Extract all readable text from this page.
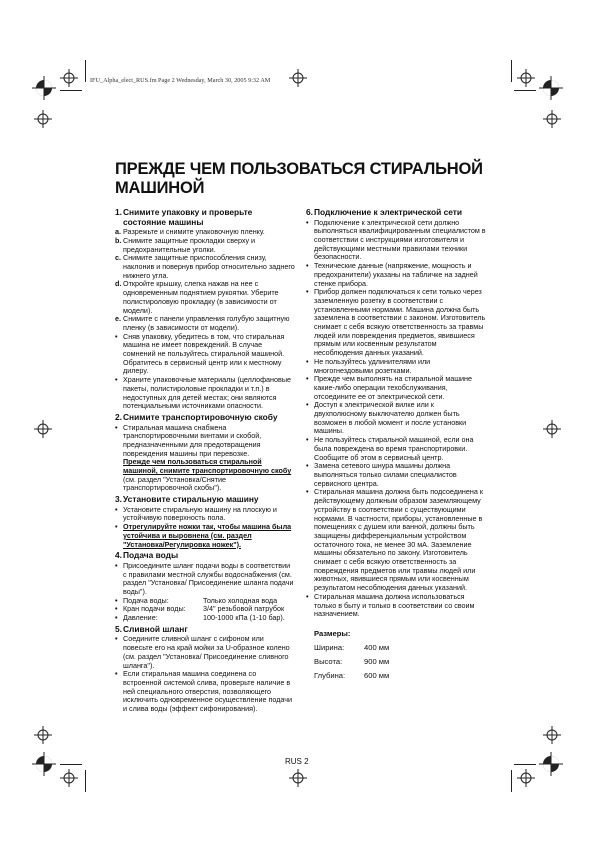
IFU_Alpha_elect_RUS.fm Page 2 Wednesday, March 30, 2005 9:32 AM
ПРЕЖДЕ ЧЕМ ПОЛЬЗОВАТЬСЯ СТИРАЛЬНОЙ МАШИНОЙ
1. Снимите упаковку и проверьте состояние машины
a. Разрежьте и снимите упаковочную пленку.
b. Снимите защитные прокладки сверху и предохранительные уголки.
c. Снимите защитные приспособления снизу, наклонив и повернув прибор относительно заднего нижнего угла.
d. Откройте крышку, слегка нажав на нее с одновременным поднятием рукоятки. Уберите полистироловую прокладку (в зависимости от модели).
e. Снимите с панели управления голубую защитную пленку (в зависимости от модели).
• Сняв упаковку, убедитесь в том, что стиральная машина не имеет повреждений. В случае сомнений не пользуйтесь стиральной машиной. Обратитесь в сервисный центр или к местному дилеру.
• Храните упаковочные материалы (целлофановые пакеты, полистироловые прокладки и т.п.) в недоступных для детей местах; они являются потенциальными источниками опасности.
2. Снимите транспортировочную скобу
• Стиральная машина снабжена транспортировочными винтами и скобой, предназначенными для предотвращения повреждения машины при перевозке.
Прежде чем пользоваться стиральной машиной, снимите транспортировочную скобу (см. раздел "Установка/Снятие транспортировочной скобы").
3. Установите стиральную машину
• Установите стиральную машину на плоскую и устойчивую поверхность пола.
• Отрегулируйте ножки так, чтобы машина была устойчива и выровнена (см. раздел "Установка/Регулировка ножек").
4. Подача воды
• Присоедините шланг подачи воды в соответствии с правилами местной службы водоснабжения (см. раздел "Установка/ Присоединение шланга подачи воды").
• Подача воды:	Только холодная вода
• Кран подачи воды:	3/4" резьбовой патрубок
• Давление:	100-1000 кПа (1-10 бар).
5. Сливной шланг
• Соедините сливной шланг с сифоном или повесьте его на край мойки за U-образное колено (см. раздел "Установка/ Присоединение сливного шланга").
• Если стиральная машина соединена со встроенной системой слива, проверьте наличие в ней специального отверстия, позволяющего исключить одновременное осуществление подачи и слива воды (эффект сифонирования).
6. Подключение к электрической сети
• Подключение к электрической сети должно выполняться квалифицированным специалистом в соответствии с инструкциями изготовителя и действующими местными правилами техники безопасности.
• Технические данные (напряжение, мощность и предохранители) указаны на табличке на задней стенке прибора.
• Прибор должен подключаться к сети только через заземленную розетку в соответствии с установленными нормами. Машина должна быть заземлена в соответствии с законом. Изготовитель снимает с себя всякую ответственность за травмы людей или повреждения предметов, явившиеся прямым или косвенным результатом несоблюдения данных указаний.
• Не пользуйтесь удлинителями или многогнездовыми розетками.
• Прежде чем выполнять на стиральной машине какие-либо операции техобслуживания, отсоедините ее от электрической сети.
• Доступ к электрической вилке или к двухполюсному выключателю должен быть возможен в любой момент и после установки машины.
• Не пользуйтесь стиральной машиной, если она была повреждена во время транспортировки. Сообщите об этом в сервисный центр.
• Замена сетевого шнура машины должна выполняться только силами специалистов сервисного центра.
• Стиральная машина должна быть подсоединена к действующему должным образом заземляющему устройству в соответствии с существующими нормами. В частности, приборы, установленные в помещениях с душем или ванной, должны быть защищены дифференциальным устройством остаточного тока, не менее 30 мА. Заземление машины обязательно по закону. Изготовитель снимает с себя всякую ответственность за повреждения предметов или травмы людей или животных, явившиеся прямым или косвенным результатом несоблюдения данных указаний.
• Стиральная машина должна использоваться только в быту и только в соответствии со своим назначением.
Размеры:
Ширина:	400 мм
Высота:	900 мм
Глубина:	600 мм
RUS 2
